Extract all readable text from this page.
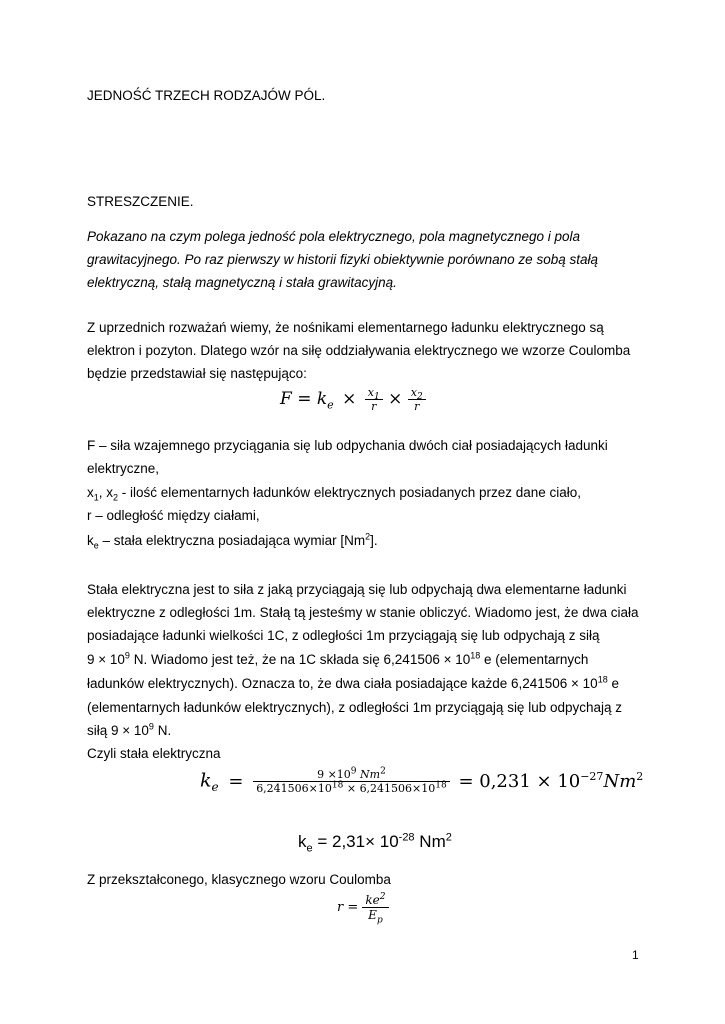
JEDNOŚĆ TRZECH RODZAJÓW PÓL.
STRESZCZENIE.
Pokazano na czym polega jedność pola elektrycznego, pola magnetycznego i pola
grawitacyjnego. Po raz pierwszy w historii fizyki obiektywnie porównano ze sobą stałą
elektryczną, stałą magnetyczną i stała grawitacyjną.
Z uprzednich rozważań wiemy, że nośnikami elementarnego ładunku elektrycznego są
elektron i pozyton. Dlatego wzór na siłę oddziaływania elektrycznego we wzorze Coulomba
będzie przedstawiał się następująco:
$F = k_e \times \frac{x_1}{r} \times \frac{x_2}{r}$
F – siła wzajemnego przyciągania się lub odpychania dwóch ciał posiadających ładunki
elektryczne,
$x_1$, $x_2$ - ilość elementarnych ładunków elektrycznych posiadanych przez dane ciało,
r – odległość między ciałami,
$k_e$ – stała elektryczna posiadająca wymiar [Nm$^2$].
Stała elektryczna jest to siła z jaką przyciągają się lub odpychają dwa elementarne ładunki
elektryczne z odległości 1m. Stałą tą jesteśmy w stanie obliczyć. Wiadomo jest, że dwa ciała
posiadające ładunki wielkości 1C, z odległości 1m przyciągają się lub odpychają z siłą
$9 \times 10^9$ N. Wiadomo jest też, że na 1C składa się $6,241506 \times 10^{18}$ e (elementarnych
ładunków elektrycznych). Oznacza to, że dwa ciała posiadające każde $6,241506 \times 10^{18}$ e
(elementarnych ładunków elektrycznych), z odległości 1m przyciągają się lub odpychają z
siłą $9 \times 10^9$ N.
Czyli stała elektryczna
$k_e = \frac{9 \times 10^9 Nm^2}{6,241506\times 10^{18} \times 6,241506\times 10^{18}} = 0,231 \times 10^{-27}Nm^2$
$k_e = 2,31\times 10^{-28}$ Nm$^2$
Z przekształconego, klasycznego wzoru Coulomba
$r = \frac{ke^2}{E_p}$
1
